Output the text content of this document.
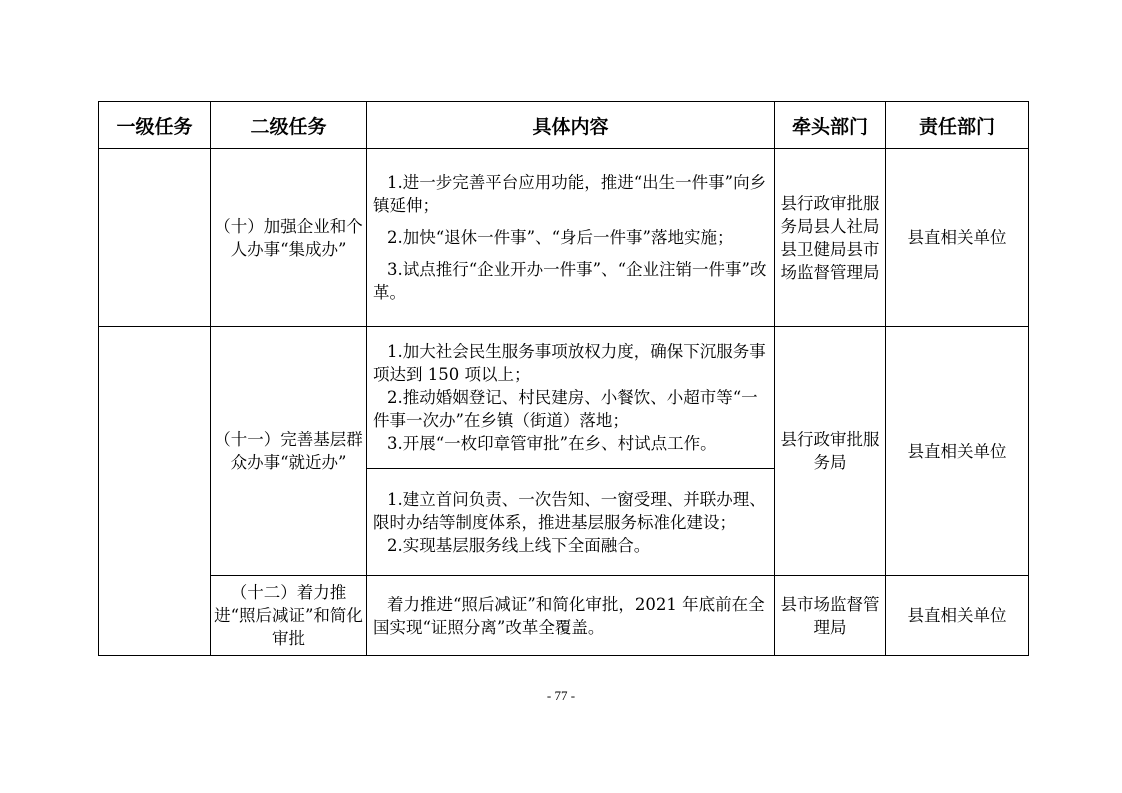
一级任务	二级任务	具体内容	牵头部门	责任部门
	（十）加强企业和个人办事“集成办”	1.进一步完善平台应用功能，推进“出生一件事”向乡镇延伸；

2.加快“退休一件事”、“身后一件事”落地实施；

3.试点推行“企业开办一件事”、“企业注销一件事”改革。	县行政审批服务局县人社局县卫健局县市场监督管理局	县直相关单位
	（十一）完善基层群众办事“就近办”	1.加大社会民生服务事项放权力度，确保下沉服务事项达到 150 项以上；

2.推动婚姻登记、村民建房、小餐饮、小超市等“一件事一次办”在乡镇（街道）落地；

3.开展“一枚印章管审批”在乡、村试点工作。	县行政审批服务局	县直相关单位

		1.建立首问负责、一次告知、一窗受理、并联办理、限时办结等制度体系，推进基层服务标准化建设；

2.实现基层服务线上线下全面融合。		

	（十二）着力推进“照后减证”和简化审批	着力推进“照后减证”和简化审批，2021 年底前在全国实现“证照分离”改革全覆盖。	县市场监督管理局	县直相关单位
- 77 -
